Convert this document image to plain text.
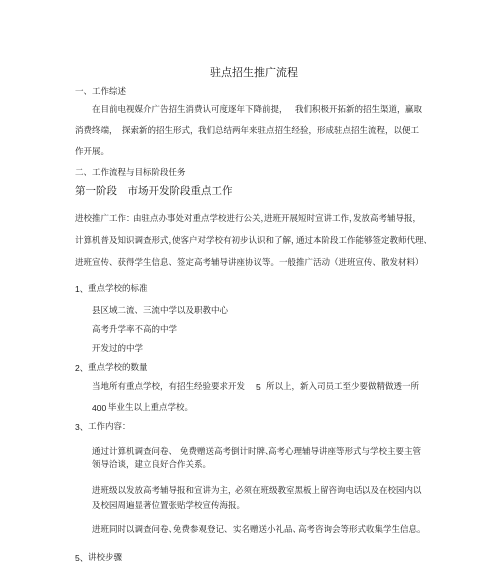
驻点招生推广流程
一、工作综述
在目前电视媒介广告招生消费认可度逐年下降前提， 我们积极开拓新的招生渠道， 赢取
消费终端， 探索新的招生形式， 我们总结两年来驻点招生经验，形成驻点招生流程，以便工
作开展。
二、工作流程与目标阶段任务
第一阶段　市场开发阶段重点工作
进校推广工作：
由驻点办事处对重点学校进行公关，
进班开展短时宣讲工作，
发放高考辅导报，
计算机普及知识调查形式，
使客户对学校有初步认识和了解，
通过本阶段工作能够签定教师代理、
进班宣传、获得学生信息、签定高考辅导讲座协议等。一般推广活动（进班宣传、散发材料）
1、 重点学校的标准
县区域二流、三流中学以及职教中心
高考升学率不高的中学
开发过的中学
2、 重点学校的数量
当地所有重点学校，有招生经验要求开发 5 所以上，新入司员工至少要做精做透一所
400 毕业生以上重点学校。
3、 工作内容：
通过计算机调查问卷、 免费赠送高考倒计时牌、
高考心理辅导讲座等形式与学校主要主管
领导洽谈，建立良好合作关系。
进班级以发放高考辅导报和宣讲为主，
必须在班级教室黑板上留咨询电话，
以及在校园内以
及校园周遍显著位置张贴学校宣传海报。
进班同时以调查问卷、
免费参观登记、 实名赠送小礼品、
高考咨询会等形式收集学生信息。
5、 讲校步骤
